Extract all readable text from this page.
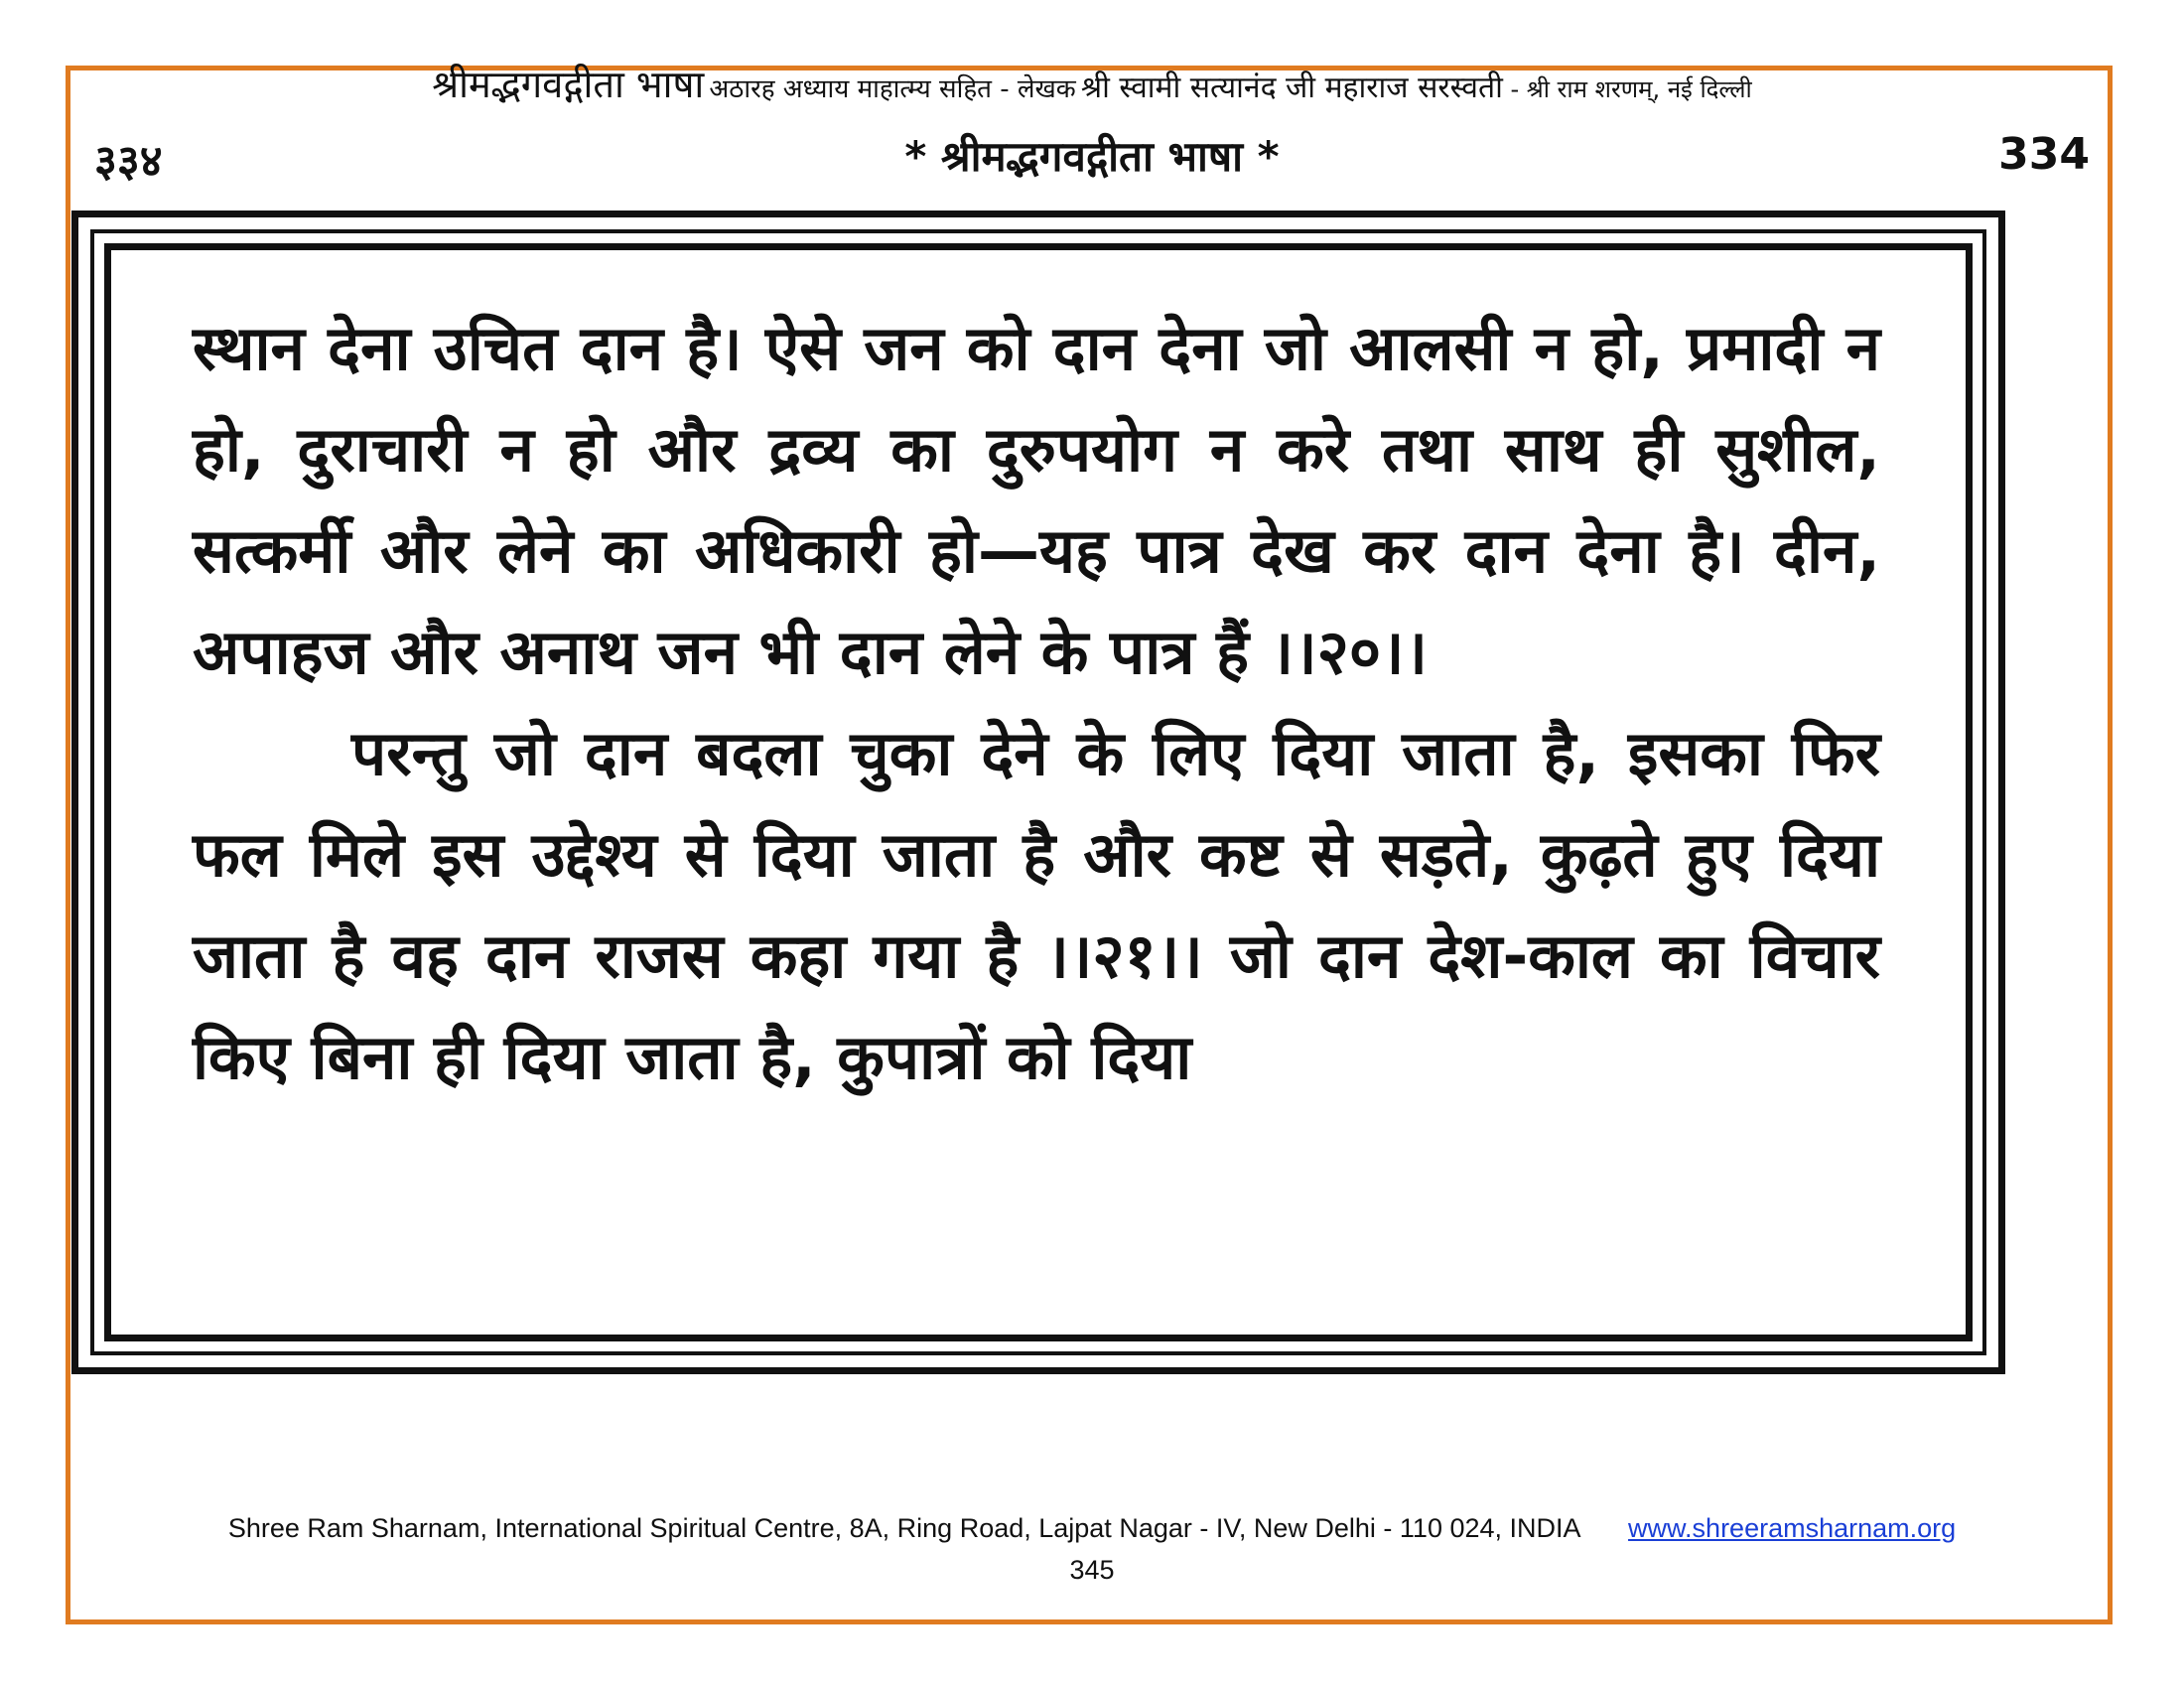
श्रीमद्भगवद्गीता भाषा अठारह अध्याय माहात्म्य सहित - लेखक श्री स्वामी सत्यानंद जी महाराज सरस्वती - श्री राम शरणम्, नई दिल्ली
३३४	* श्रीमद्भगवद्गीता भाषा *	334

स्थान देना उचित दान है। ऐसे जन को दान देना जो आलसी न हो, प्रमादी न हो, दुराचारी न हो और द्रव्य का दुरुपयोग न करे तथा साथ ही सुशील, सत्कर्मी और लेने का अधिकारी हो—यह पात्र देख कर दान देना है। दीन, अपाहज और अनाथ जन भी दान लेने के पात्र हैं ।।२०।।

परन्तु जो दान बदला चुका देने के लिए दिया जाता है, इसका फिर फल मिले इस उद्देश्य से दिया जाता है और कष्ट से सड़ते, कुढ़ते हुए दिया जाता है वह दान राजस कहा गया है ।।२१।। जो दान देश-काल का विचार किए बिना ही दिया जाता है, कुपात्रों को दिया

Shree Ram Sharnam, International Spiritual Centre, 8A, Ring Road, Lajpat Nagar - IV, New Delhi - 110 024, INDIA www.shreeramsharnam.org
345
